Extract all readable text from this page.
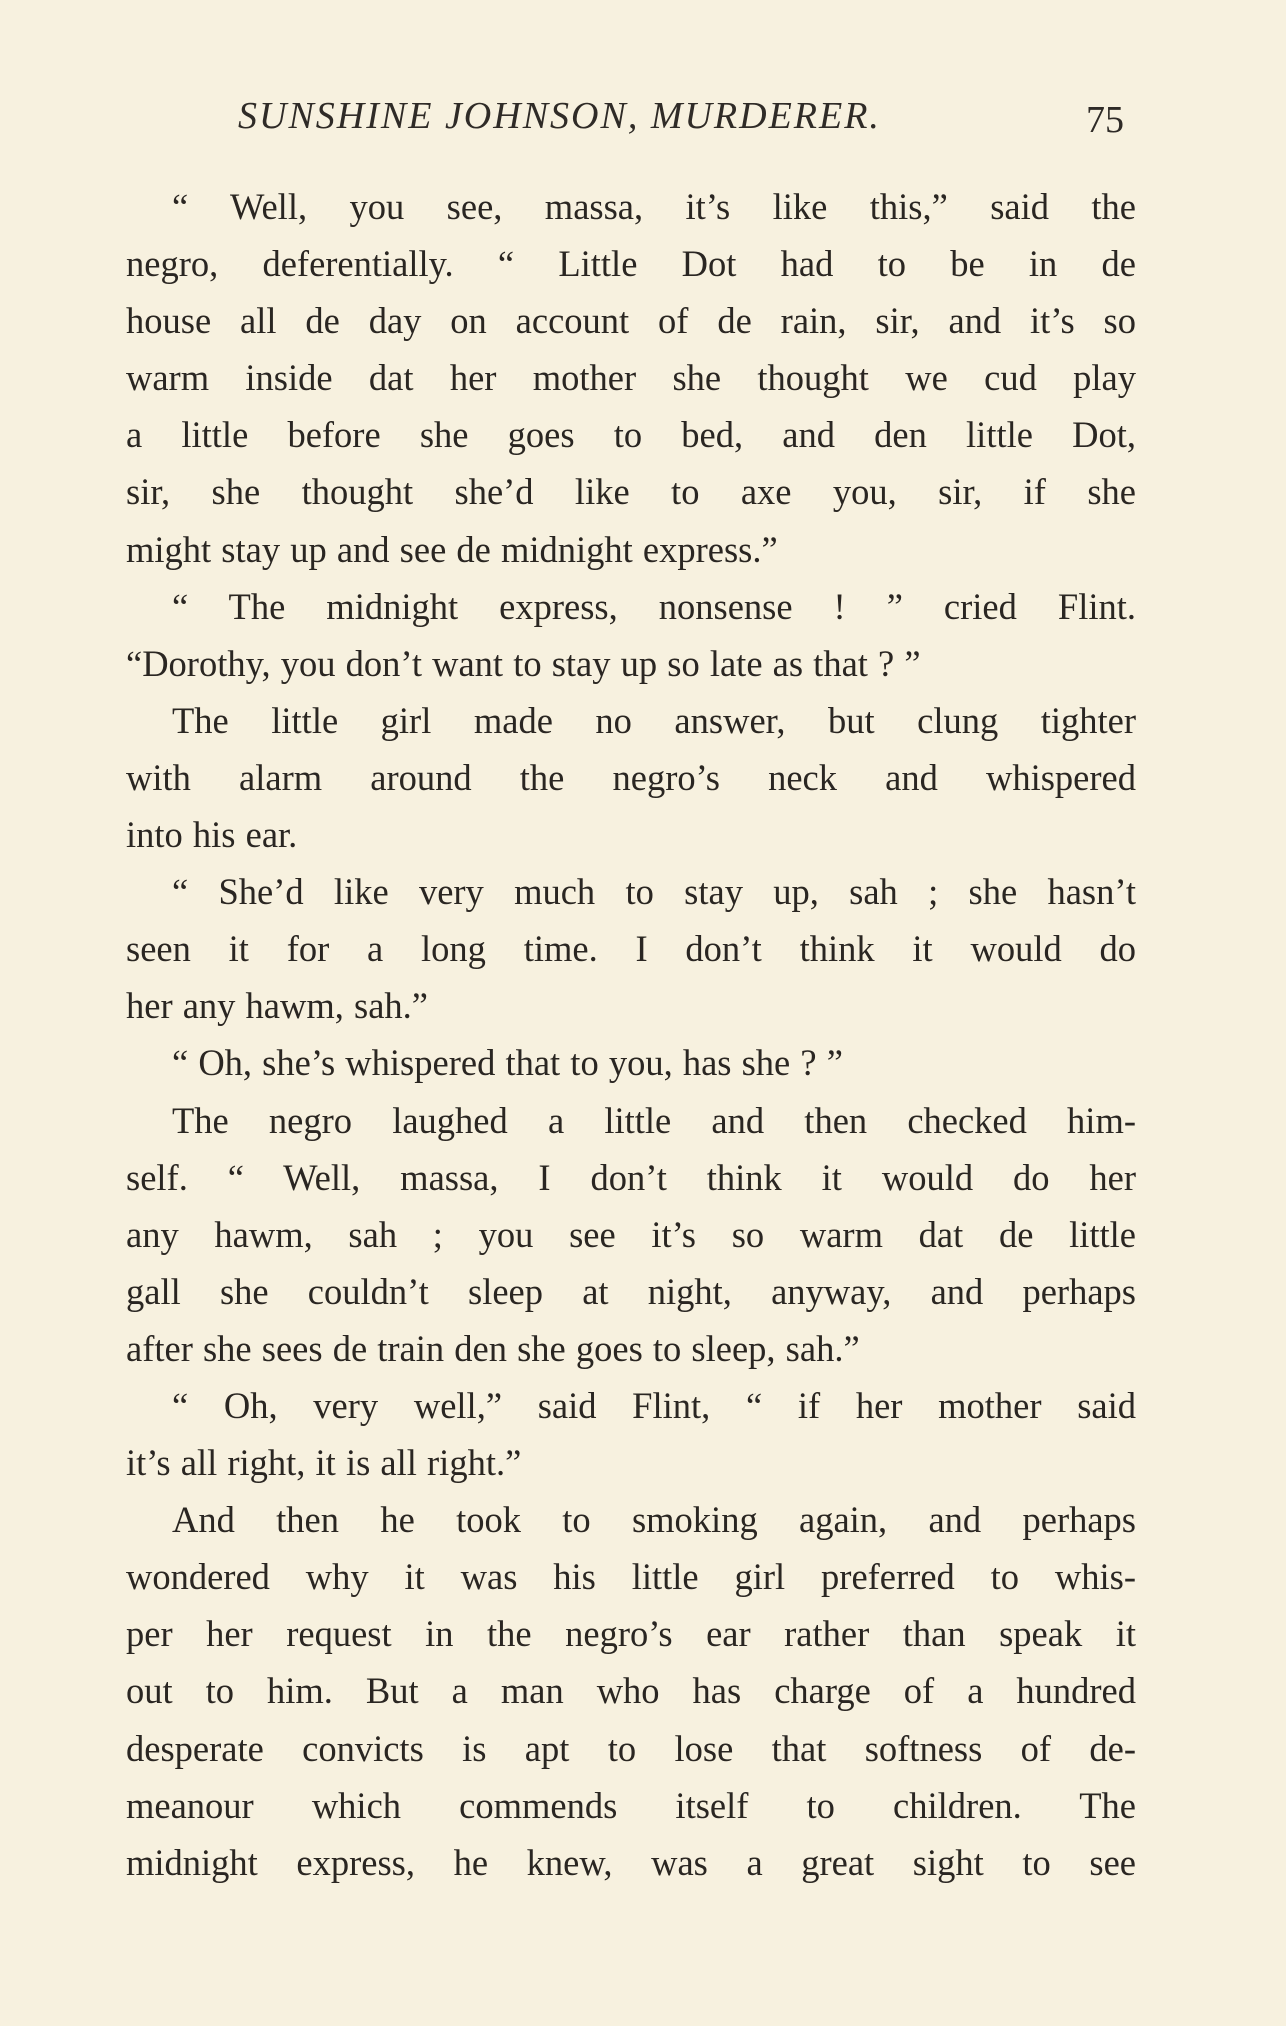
SUNSHINE JOHNSON, MURDERER.	75
“ Well, you see, massa, it’s like this,” said the
negro, deferentially. “ Little Dot had to be in de
house all de day on account of de rain, sir, and it’s so
warm inside dat her mother she thought we cud play
a little before she goes to bed, and den little Dot,
sir, she thought she’d like to axe you, sir, if she
might stay up and see de midnight express.”
“ The midnight express, nonsense ! ” cried Flint.
“Dorothy, you don’t want to stay up so late as that ? ”
The little girl made no answer, but clung tighter
with alarm around the negro’s neck and whispered
into his ear.
“ She’d like very much to stay up, sah ; she hasn’t
seen it for a long time. I don’t think it would do
her any hawm, sah.”
“ Oh, she’s whispered that to you, has she ? ”
The negro laughed a little and then checked him-
self. “ Well, massa, I don’t think it would do her
any hawm, sah ; you see it’s so warm dat de little
gall she couldn’t sleep at night, anyway, and perhaps
after she sees de train den she goes to sleep, sah.”
“ Oh, very well,” said Flint, “ if her mother said
it’s all right, it is all right.”
And then he took to smoking again, and perhaps
wondered why it was his little girl preferred to whis-
per her request in the negro’s ear rather than speak it
out to him. But a man who has charge of a hundred
desperate convicts is apt to lose that softness of de-
meanour which commends itself to children. The
midnight express, he knew, was a great sight to see
